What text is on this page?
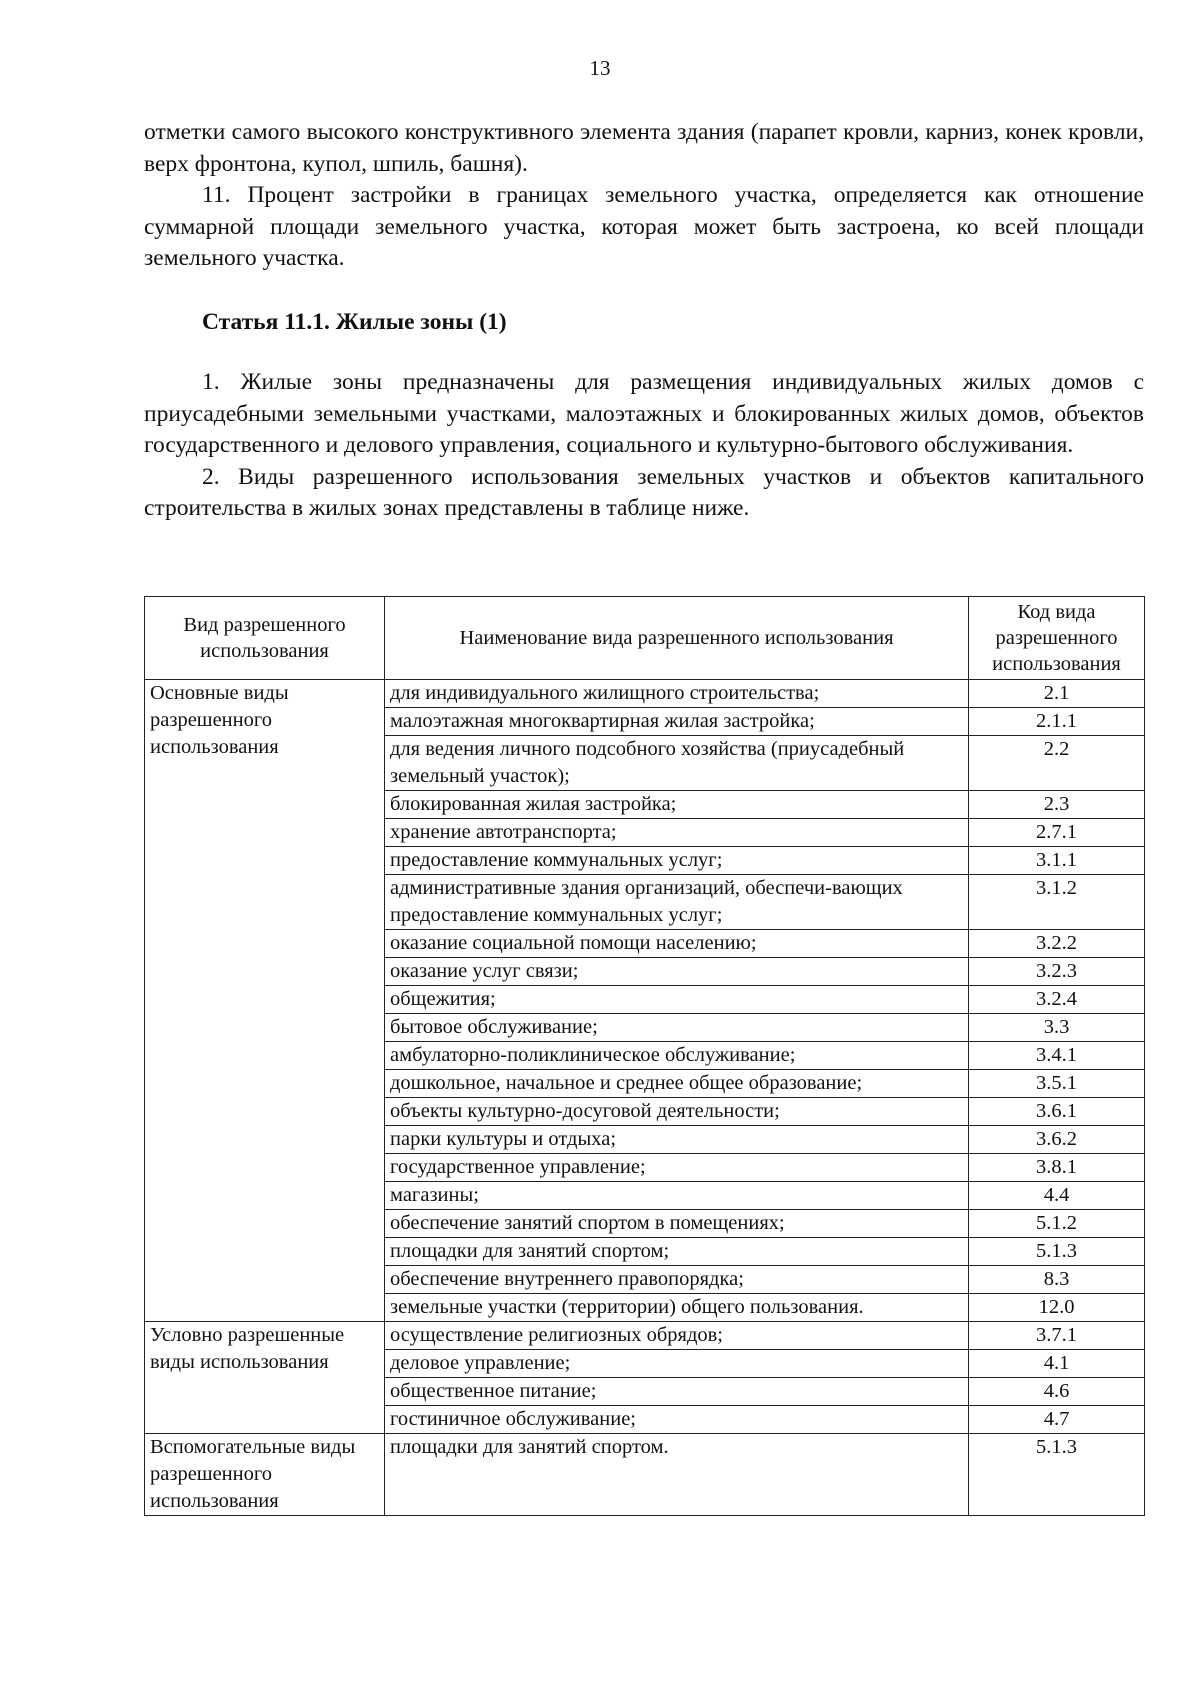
13

отметки самого высокого конструктивного элемента здания (парапет кровли, карниз, конек кровли, верх фронтона, купол, шпиль, башня).

11. Процент застройки в границах земельного участка, определяется как отношение суммарной площади земельного участка, которая может быть застроена, ко всей площади земельного участка.

Статья 11.1. Жилые зоны (1)

1. Жилые зоны предназначены для размещения индивидуальных жилых домов с приусадебными земельными участками, малоэтажных и блокированных жилых домов, объектов государственного и делового управления, социального и культурно-бытового обслуживания.

2. Виды разрешенного использования земельных участков и объектов капитального строительства в жилых зонах представлены в таблице ниже.

Вид разрешенного использования	Наименование вида разрешенного использования	Код вида разрешенного использования
Основные виды разрешенного использования	для индивидуального жилищного строительства;	2.1
	малоэтажная многоквартирная жилая застройка;	2.1.1
	для ведения личного подсобного хозяйства (приусадебный земельный участок);	2.2
	блокированная жилая застройка;	2.3
	хранение автотранспорта;	2.7.1
	предоставление коммунальных услуг;	3.1.1
	административные здания организаций, обеспечи-вающих предоставление коммунальных услуг;	3.1.2
	оказание социальной помощи населению;	3.2.2
	оказание услуг связи;	3.2.3
	общежития;	3.2.4
	бытовое обслуживание;	3.3
	амбулаторно-поликлиническое обслуживание;	3.4.1
	дошкольное, начальное и среднее общее образование;	3.5.1
	объекты культурно-досуговой деятельности;	3.6.1
	парки культуры и отдыха;	3.6.2
	государственное управление;	3.8.1
	магазины;	4.4
	обеспечение занятий спортом в помещениях;	5.1.2
	площадки для занятий спортом;	5.1.3
	обеспечение внутреннего правопорядка;	8.3
	земельные участки (территории) общего пользования.	12.0
Условно разрешенные виды использования	осуществление религиозных обрядов;	3.7.1
	деловое управление;	4.1
	общественное питание;	4.6
	гостиничное обслуживание;	4.7
Вспомогательные виды разрешенного использования	площадки для занятий спортом.	5.1.3
